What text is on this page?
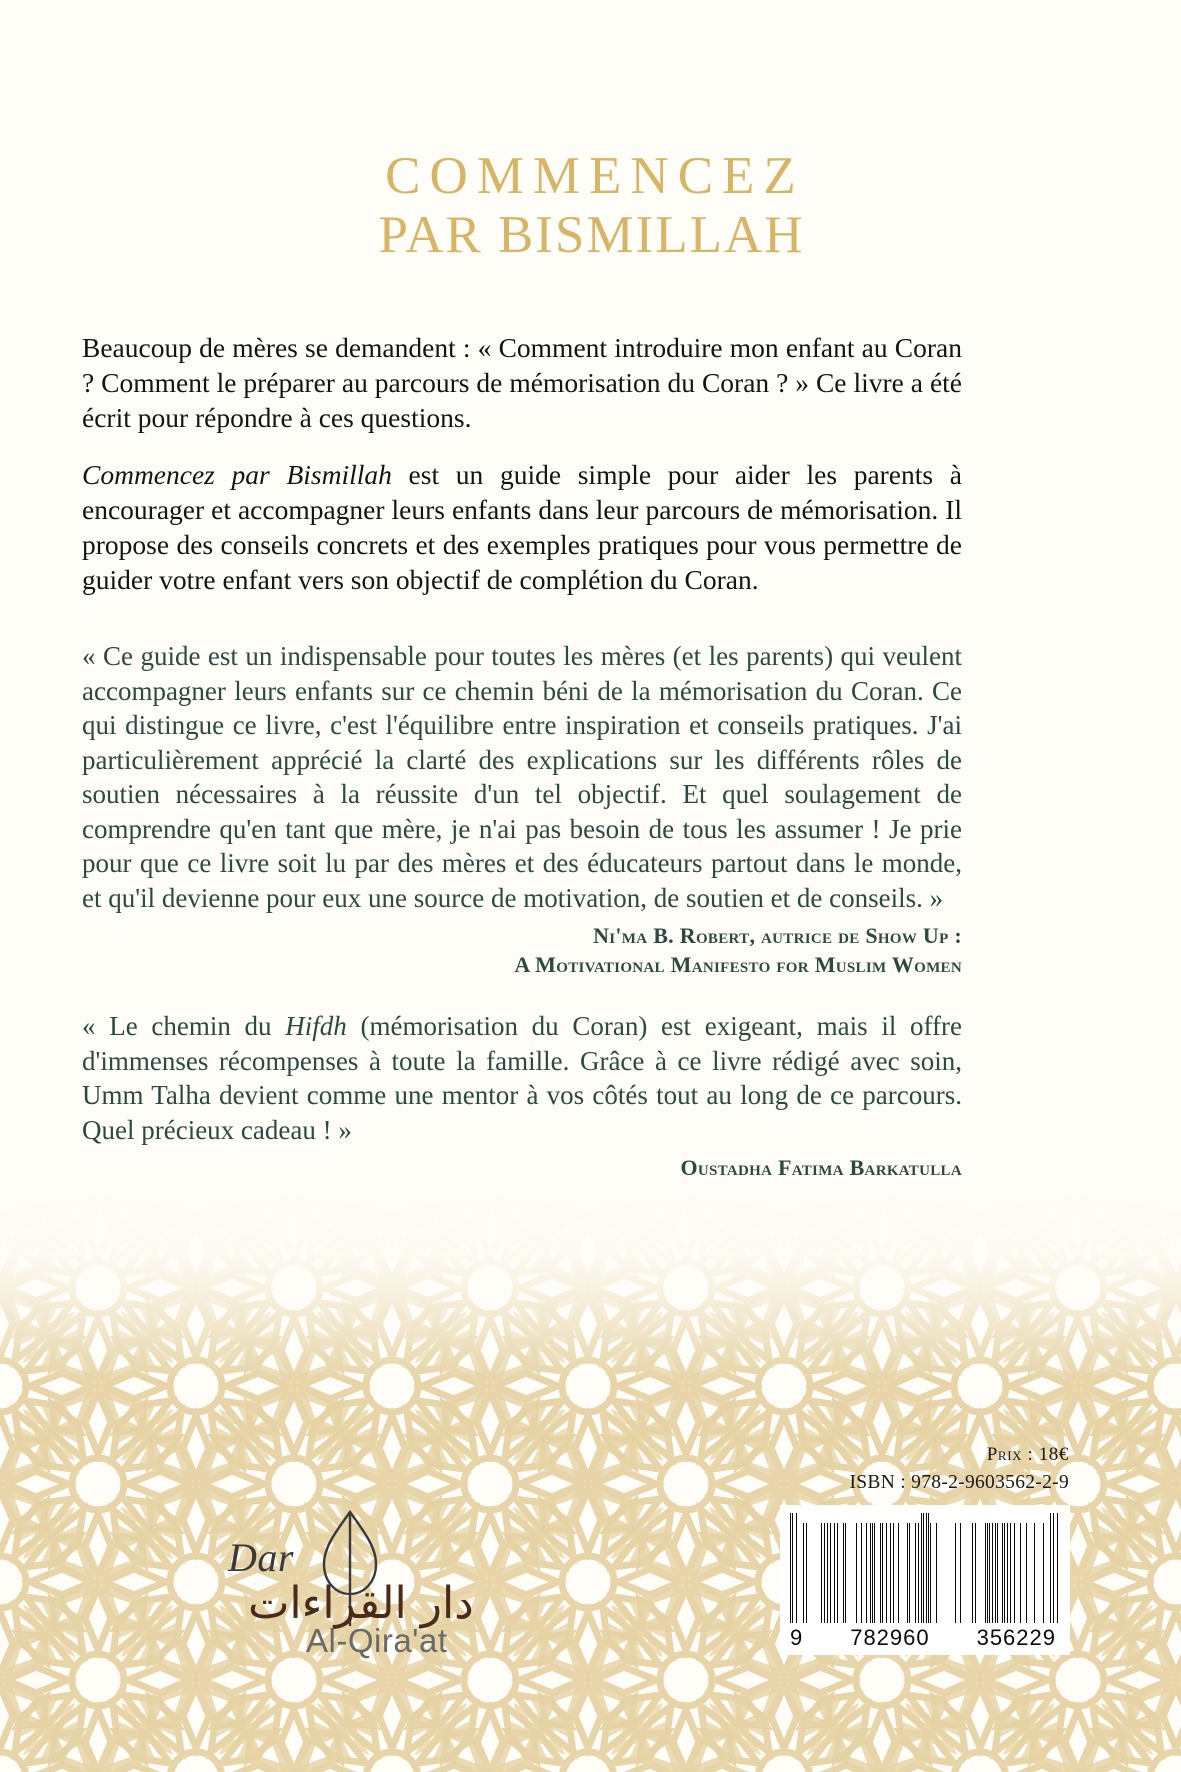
COMMENCEZ
PAR BISMILLAH

Beaucoup de mères se demandent : « Comment introduire mon enfant au Coran ? Comment le préparer au parcours de mémorisation du Coran ? » Ce livre a été écrit pour répondre à ces questions.

Commencez par Bismillah est un guide simple pour aider les parents à encourager et accompagner leurs enfants dans leur parcours de mémorisation. Il propose des conseils concrets et des exemples pratiques pour vous permettre de guider votre enfant vers son objectif de complétion du Coran.

« Ce guide est un indispensable pour toutes les mères (et les parents) qui veulent accompagner leurs enfants sur ce chemin béni de la mémorisation du Coran. Ce qui distingue ce livre, c'est l'équilibre entre inspiration et conseils pratiques. J'ai particulièrement apprécié la clarté des explications sur les différents rôles de soutien nécessaires à la réussite d'un tel objectif. Et quel soulagement de comprendre qu'en tant que mère, je n'ai pas besoin de tous les assumer ! Je prie pour que ce livre soit lu par des mères et des éducateurs partout dans le monde, et qu'il devienne pour eux une source de motivation, de soutien et de conseils. »

Ni'ma B. Robert, autrice de Show Up :
A Motivational Manifesto for Muslim Women

« Le chemin du Hifdh (mémorisation du Coran) est exigeant, mais il offre d'immenses récompenses à toute la famille. Grâce à ce livre rédigé avec soin, Umm Talha devient comme une mentor à vos côtés tout au long de ce parcours. Quel précieux cadeau ! »

Oustadha Fatima Barkatulla
Prix : 18€
ISBN : 978-2-9603562-2-9
9 782960 356229
Dar
دار القراءات
Al-Qira'at
